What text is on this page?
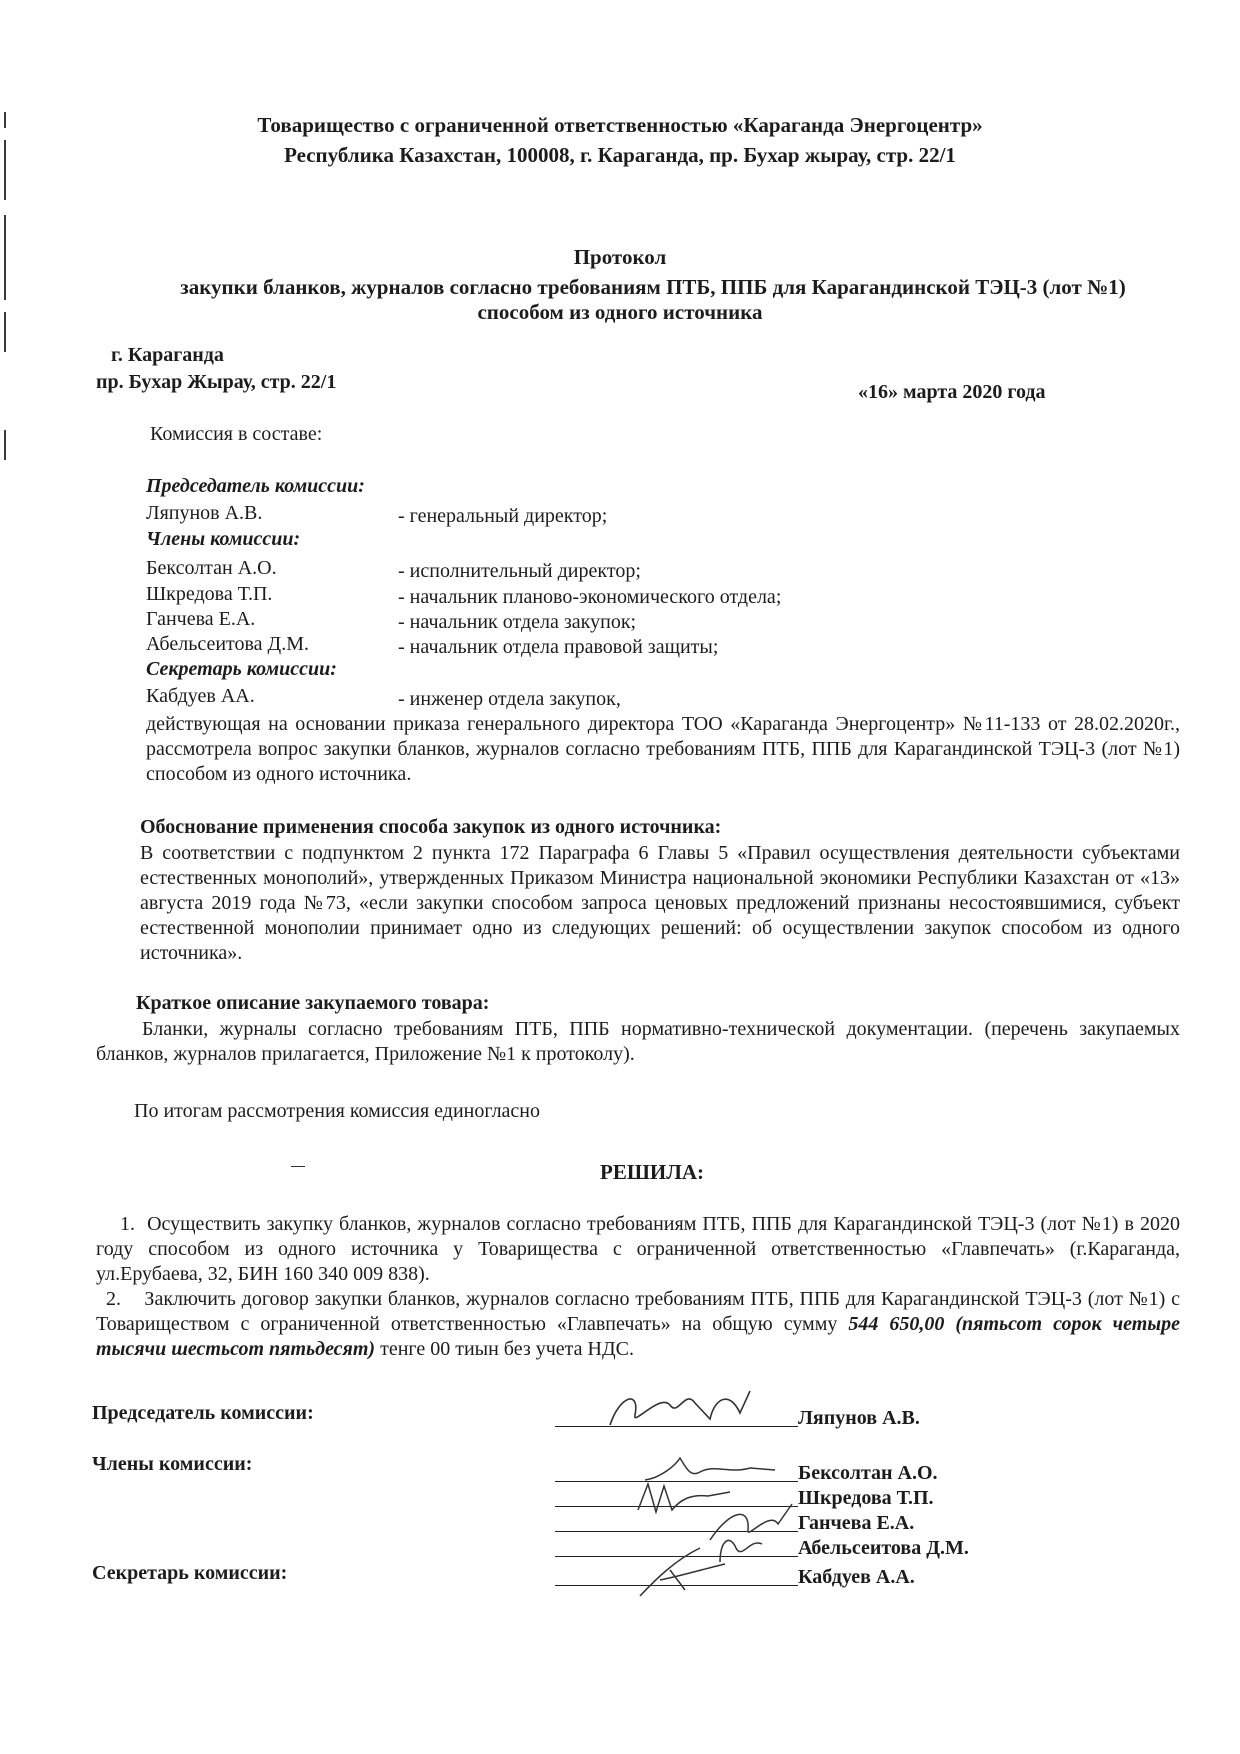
Товарищество с ограниченной ответственностью «Караганда Энергоцентр»
Республика Казахстан, 100008, г. Караганда, пр. Бухар жырау, стр. 22/1
Протокол
закупки бланков, журналов согласно требованиям ПТБ, ППБ для Карагандинской ТЭЦ-3 (лот №1)
способом из одного источника
г. Караганда
пр. Бухар Жырау, стр. 22/1	«16» марта 2020 года
Комиссия в составе:
Председатель комиссии:
Ляпунов А.В.	- генеральный директор;
Члены комиссии:
Бексолтан А.О.	- исполнительный директор;
Шкредова Т.П.	- начальник планово-экономического отдела;
Ганчева Е.А.	- начальник отдела закупок;
Абельсеитова Д.М.	- начальник отдела правовой защиты;
Секретарь комиссии:
Кабдуев АА.	- инженер отдела закупок,
действующая на основании приказа генерального директора ТОО «Караганда Энергоцентр» №11-133 от 28.02.2020г., рассмотрела вопрос закупки бланков, журналов согласно требованиям ПТБ, ППБ для Карагандинской ТЭЦ-3 (лот №1) способом из одного источника.
Обоснование применения способа закупок из одного источника:
В соответствии с подпунктом 2 пункта 172 Параграфа 6 Главы 5 «Правил осуществления деятельности субъектами естественных монополий», утвержденных Приказом Министра национальной экономики Республики Казахстан от «13» августа 2019 года №73, «если закупки способом запроса ценовых предложений признаны несостоявшимися, субъект естественной монополии принимает одно из следующих решений: об осуществлении закупок способом из одного источника».
Краткое описание закупаемого товара:
Бланки, журналы согласно требованиям ПТБ, ППБ нормативно-технической документации. (перечень закупаемых бланков, журналов прилагается, Приложение №1 к протоколу).
По итогам рассмотрения комиссия единогласно
РЕШИЛА:
1. Осуществить закупку бланков, журналов согласно требованиям ПТБ, ППБ для Карагандинской ТЭЦ-3 (лот №1) в 2020 году способом из одного источника у Товарищества с ограниченной ответственностью «Главпечать» (г.Караганда, ул.Ерубаева, 32, БИН 160 340 009 838).
2. Заключить договор закупки бланков, журналов согласно требованиям ПТБ, ППБ для Карагандинской ТЭЦ-3 (лот №1) с Товариществом с ограниченной ответственностью «Главпечать» на общую сумму 544 650,00 (пятьсот сорок четыре тысячи шестьсот пятьдесят) тенге 00 тиын без учета НДС.
Председатель комиссии:	Ляпунов А.В.
Члены комиссии:	Бексолтан А.О.
Шкредова Т.П.
Ганчева Е.А.
Абельсеитова Д.М.
Секретарь комиссии:	Кабдуев А.А.
